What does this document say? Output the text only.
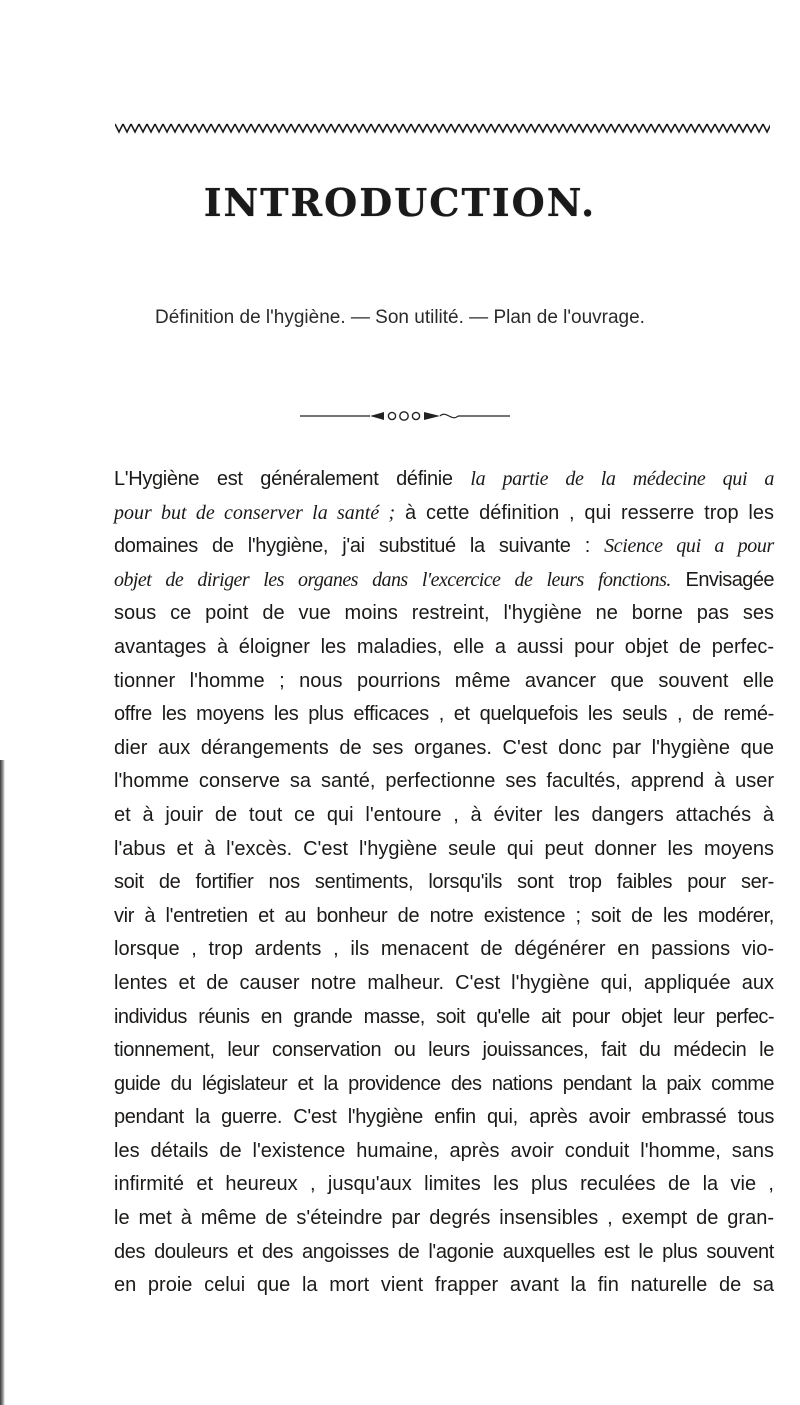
INTRODUCTION.
Définition de l'hygiène. — Son utilité. — Plan de l'ouvrage.
L'Hygiène est généralement définie la partie de la médecine qui a
pour but de conserver la santé ; à cette définition , qui resserre trop les
domaines de l'hygiène, j'ai substitué la suivante : Science qui a pour
objet de diriger les organes dans l'excercice de leurs fonctions. Envisagée
sous ce point de vue moins restreint, l'hygiène ne borne pas ses
avantages à éloigner les maladies, elle a aussi pour objet de perfec-
tionner l'homme ; nous pourrions même avancer que souvent elle
offre les moyens les plus efficaces , et quelquefois les seuls , de remé-
dier aux dérangements de ses organes. C'est donc par l'hygiène que
l'homme conserve sa santé, perfectionne ses facultés, apprend à user
et à jouir de tout ce qui l'entoure , à éviter les dangers attachés à
l'abus et à l'excès. C'est l'hygiène seule qui peut donner les moyens
soit de fortifier nos sentiments, lorsqu'ils sont trop faibles pour ser-
vir à l'entretien et au bonheur de notre existence ; soit de les modérer,
lorsque , trop ardents , ils menacent de dégénérer en passions vio-
lentes et de causer notre malheur. C'est l'hygiène qui, appliquée aux
individus réunis en grande masse, soit qu'elle ait pour objet leur perfec-
tionnement, leur conservation ou leurs jouissances, fait du médecin le
guide du législateur et la providence des nations pendant la paix comme
pendant la guerre. C'est l'hygiène enfin qui, après avoir embrassé tous
les détails de l'existence humaine, après avoir conduit l'homme, sans
infirmité et heureux , jusqu'aux limites les plus reculées de la vie ,
le met à même de s'éteindre par degrés insensibles , exempt de gran-
des douleurs et des angoisses de l'agonie auxquelles est le plus souvent
en proie celui que la mort vient frapper avant la fin naturelle de sa
